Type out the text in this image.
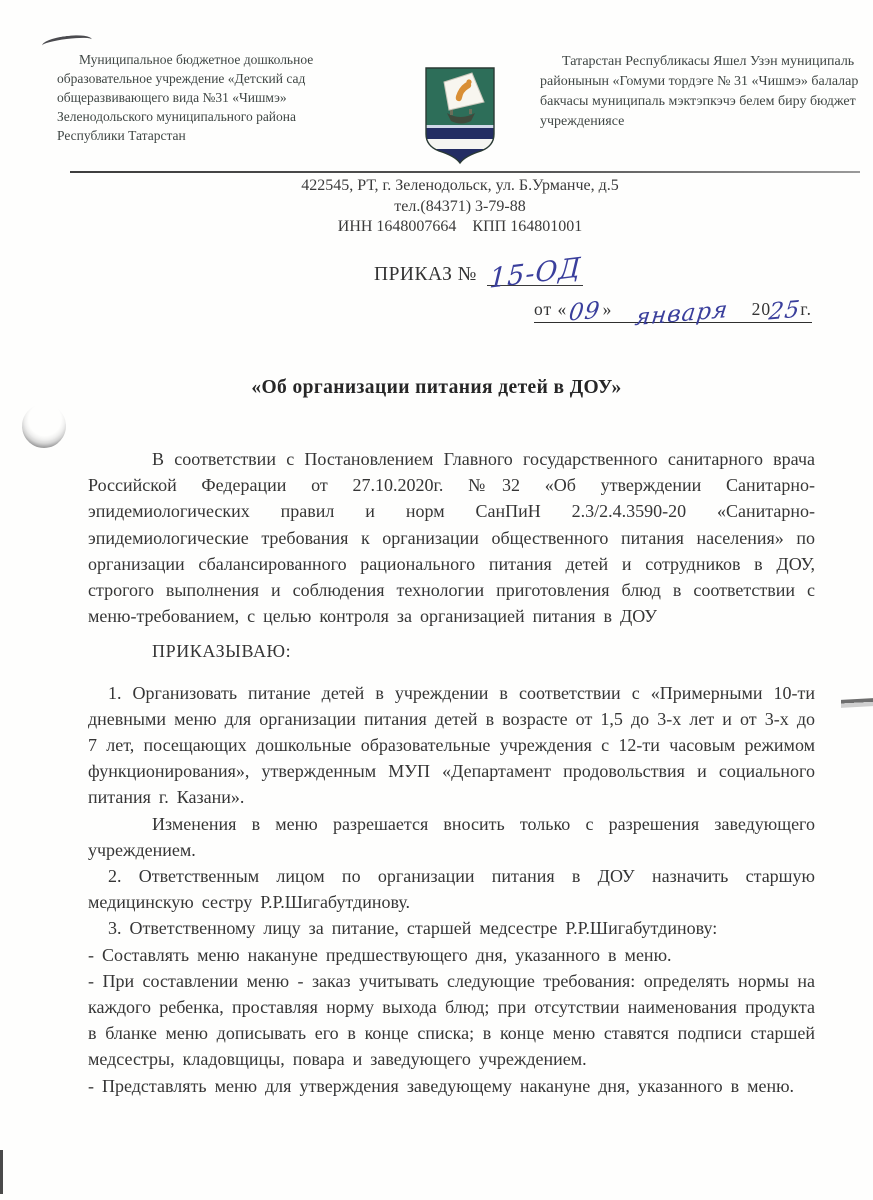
Муниципальное бюджетное дошкольное образовательное учреждение «Детский сад общеразвивающего вида №31 «Чишмэ» Зеленодольского муниципального района Республики Татарстан
Татарстан Республикасы Яшел Узэн муниципаль районынын «Гомуми тордэге № 31 «Чишмэ» балалар бакчасы муниципаль мэктэпкэчэ белем биру бюджет учреждениясе
422545, РТ, г. Зеленодольск, ул. Б.Урманче, д.5
тел.(84371) 3-79-88
ИНН 1648007664    КПП 164801001
ПРИКАЗ № 15-ОД
от « 09 » января	20
25
г.
«Об организации питания детей в ДОУ»

В соответствии с Постановлением Главного государственного санитарного врача Российской Федерации от 27.10.2020г. №32 «Об утверждении Санитарно-эпидемиологических правил и норм СанПиН 2.3/2.4.3590-20 «Санитарно-эпидемиологические требования к организации общественного питания населения» по организации сбалансированного рационального питания детей и сотрудников в ДОУ, строгого выполнения и соблюдения технологии приготовления блюд в соответствии с меню-требованием, с целью контроля за организацией питания в ДОУ

ПРИКАЗЫВАЮ:

1. Организовать питание детей в учреждении в соответствии с «Примерными 10-ти дневными меню для организации питания детей в возрасте от 1,5 до 3-х лет и от 3-х до 7 лет, посещающих дошкольные образовательные учреждения с 12-ти часовым режимом функционирования», утвержденным МУП «Департамент продовольствия и социального питания г. Казани».

Изменения в меню разрешается вносить только с разрешения заведующего учреждением.

2. Ответственным лицом по организации питания в ДОУ назначить старшую медицинскую сестру Р.Р.Шигабутдинову.

3. Ответственному лицу за питание, старшей медсестре Р.Р.Шигабутдинову:

- Составлять меню накануне предшествующего дня, указанного в меню.

- При составлении меню - заказ учитывать следующие требования: определять нормы на каждого ребенка, проставляя норму выхода блюд; при отсутствии наименования продукта в бланке меню дописывать его в конце списка; в конце меню ставятся подписи старшей медсестры, кладовщицы, повара и заведующего учреждением.

- Представлять меню для утверждения заведующему накануне дня, указанного в меню.
